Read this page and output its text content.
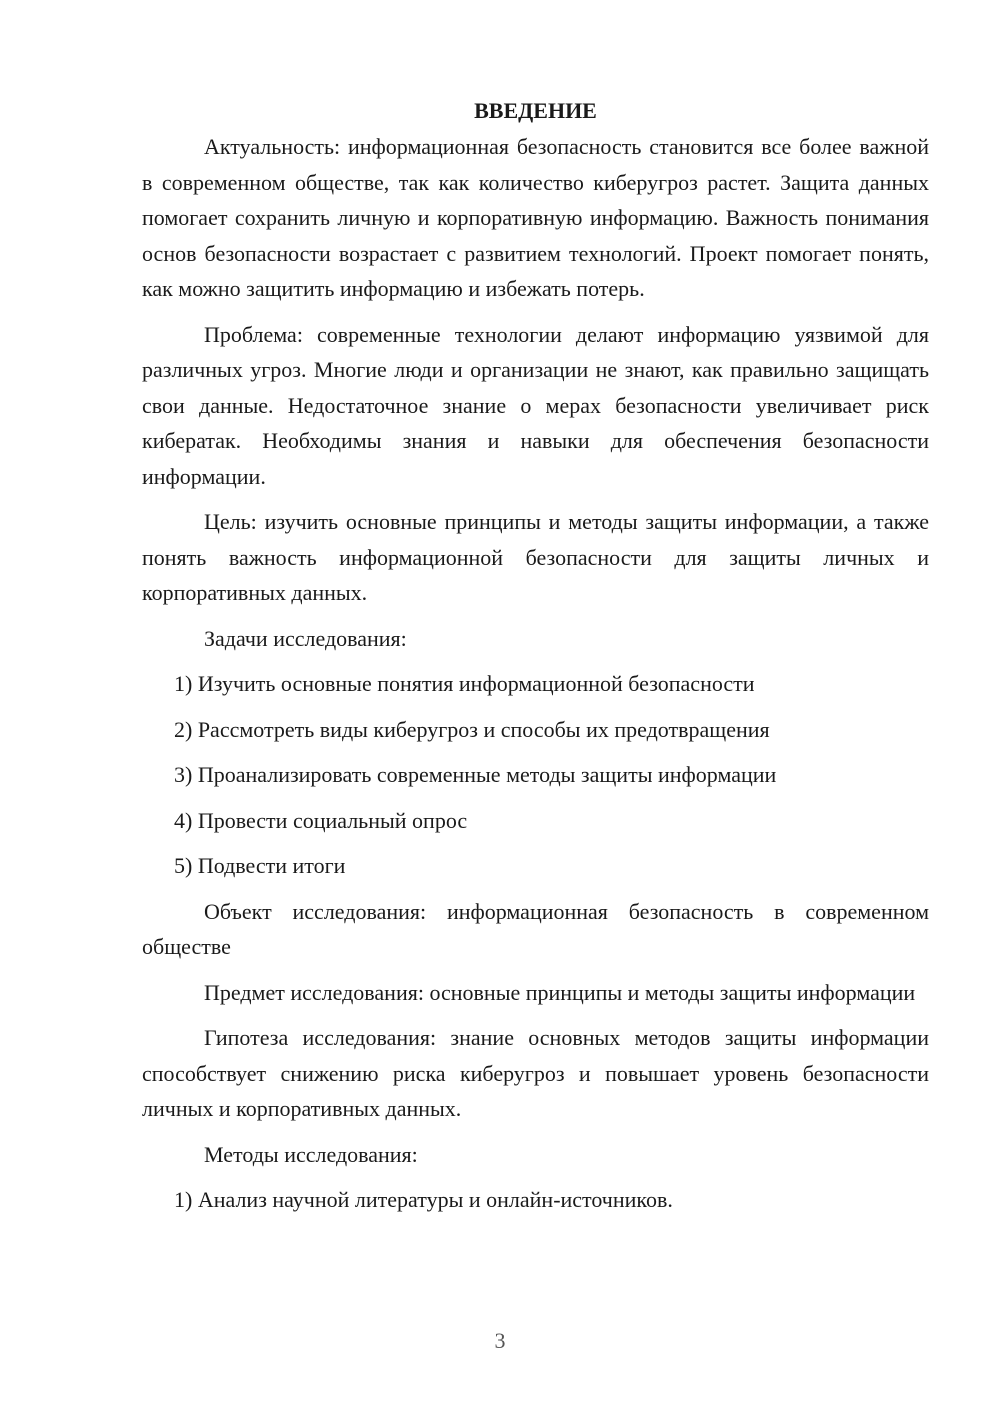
ВВЕДЕНИЕ

Актуальность: информационная безопасность становится все более важной в современном обществе, так как количество киберугроз растет. Защита данных помогает сохранить личную и корпоративную информацию. Важность понимания основ безопасности возрастает с развитием технологий. Проект помогает понять, как можно защитить информацию и избежать потерь.

Проблема: современные технологии делают информацию уязвимой для различных угроз. Многие люди и организации не знают, как правильно защищать свои данные. Недостаточное знание о мерах безопасности увеличивает риск кибератак. Необходимы знания и навыки для обеспечения безопасности информации.

Цель: изучить основные принципы и методы защиты информации, а также понять важность информационной безопасности для защиты личных и корпоративных данных.

Задачи исследования:

1) Изучить основные понятия информационной безопасности
2) Рассмотреть виды киберугроз и способы их предотвращения
3) Проанализировать современные методы защиты информации
4) Провести социальный опрос
5) Подвести итоги

Объект исследования: информационная безопасность в современном обществе

Предмет исследования: основные принципы и методы защиты информации

Гипотеза исследования: знание основных методов защиты информации способствует снижению риска киберугроз и повышает уровень безопасности личных и корпоративных данных.

Методы исследования:

1) Анализ научной литературы и онлайн-источников.
3
